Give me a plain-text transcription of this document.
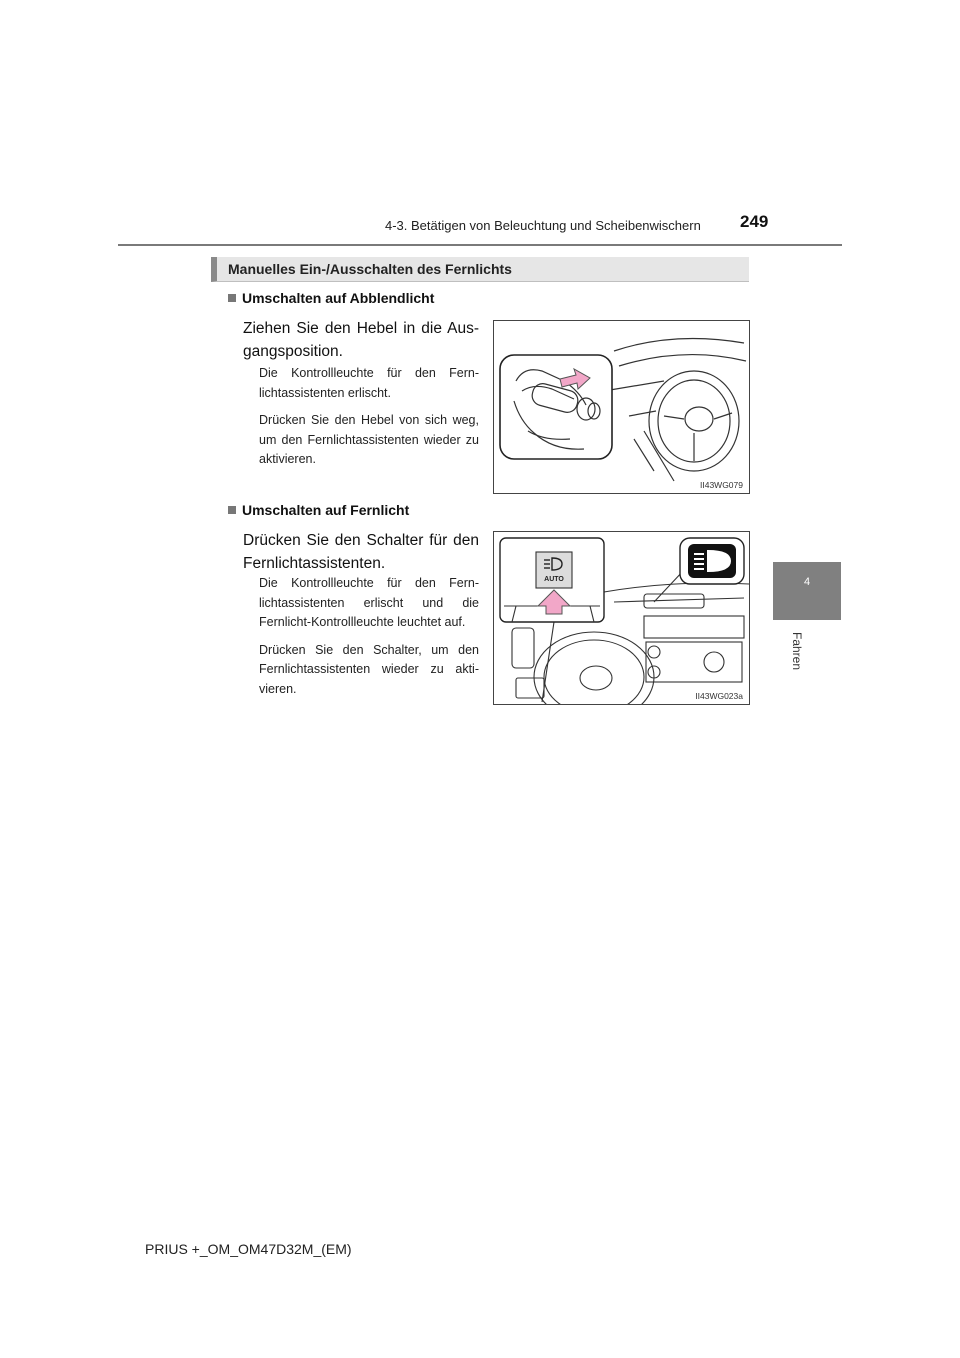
4-3. Betätigen von Beleuchtung und Scheibenwischern 249
4
Fahren
Manuelles Ein-/Ausschalten des Fernlichts
Umschalten auf Abblendlicht
Ziehen Sie den Hebel in die Aus-gangsposition.

Die Kontrollleuchte für den Fern-lichtassistenten erlischt.

Drücken Sie den Hebel von sich weg, um den Fernlichtassistenten wieder zu aktivieren.

II43WG079
Umschalten auf Fernlicht
Drücken Sie den Schalter für den Fernlichtassistenten.

Die Kontrollleuchte für den Fern-lichtassistenten erlischt und die Fernlicht-Kontrollleuchte leuchtet auf.

Drücken Sie den Schalter, um den Fernlichtassistenten wieder zu akti-vieren.

AUTO
II43WG023a
PRIUS +_OM_OM47D32M_(EM)
